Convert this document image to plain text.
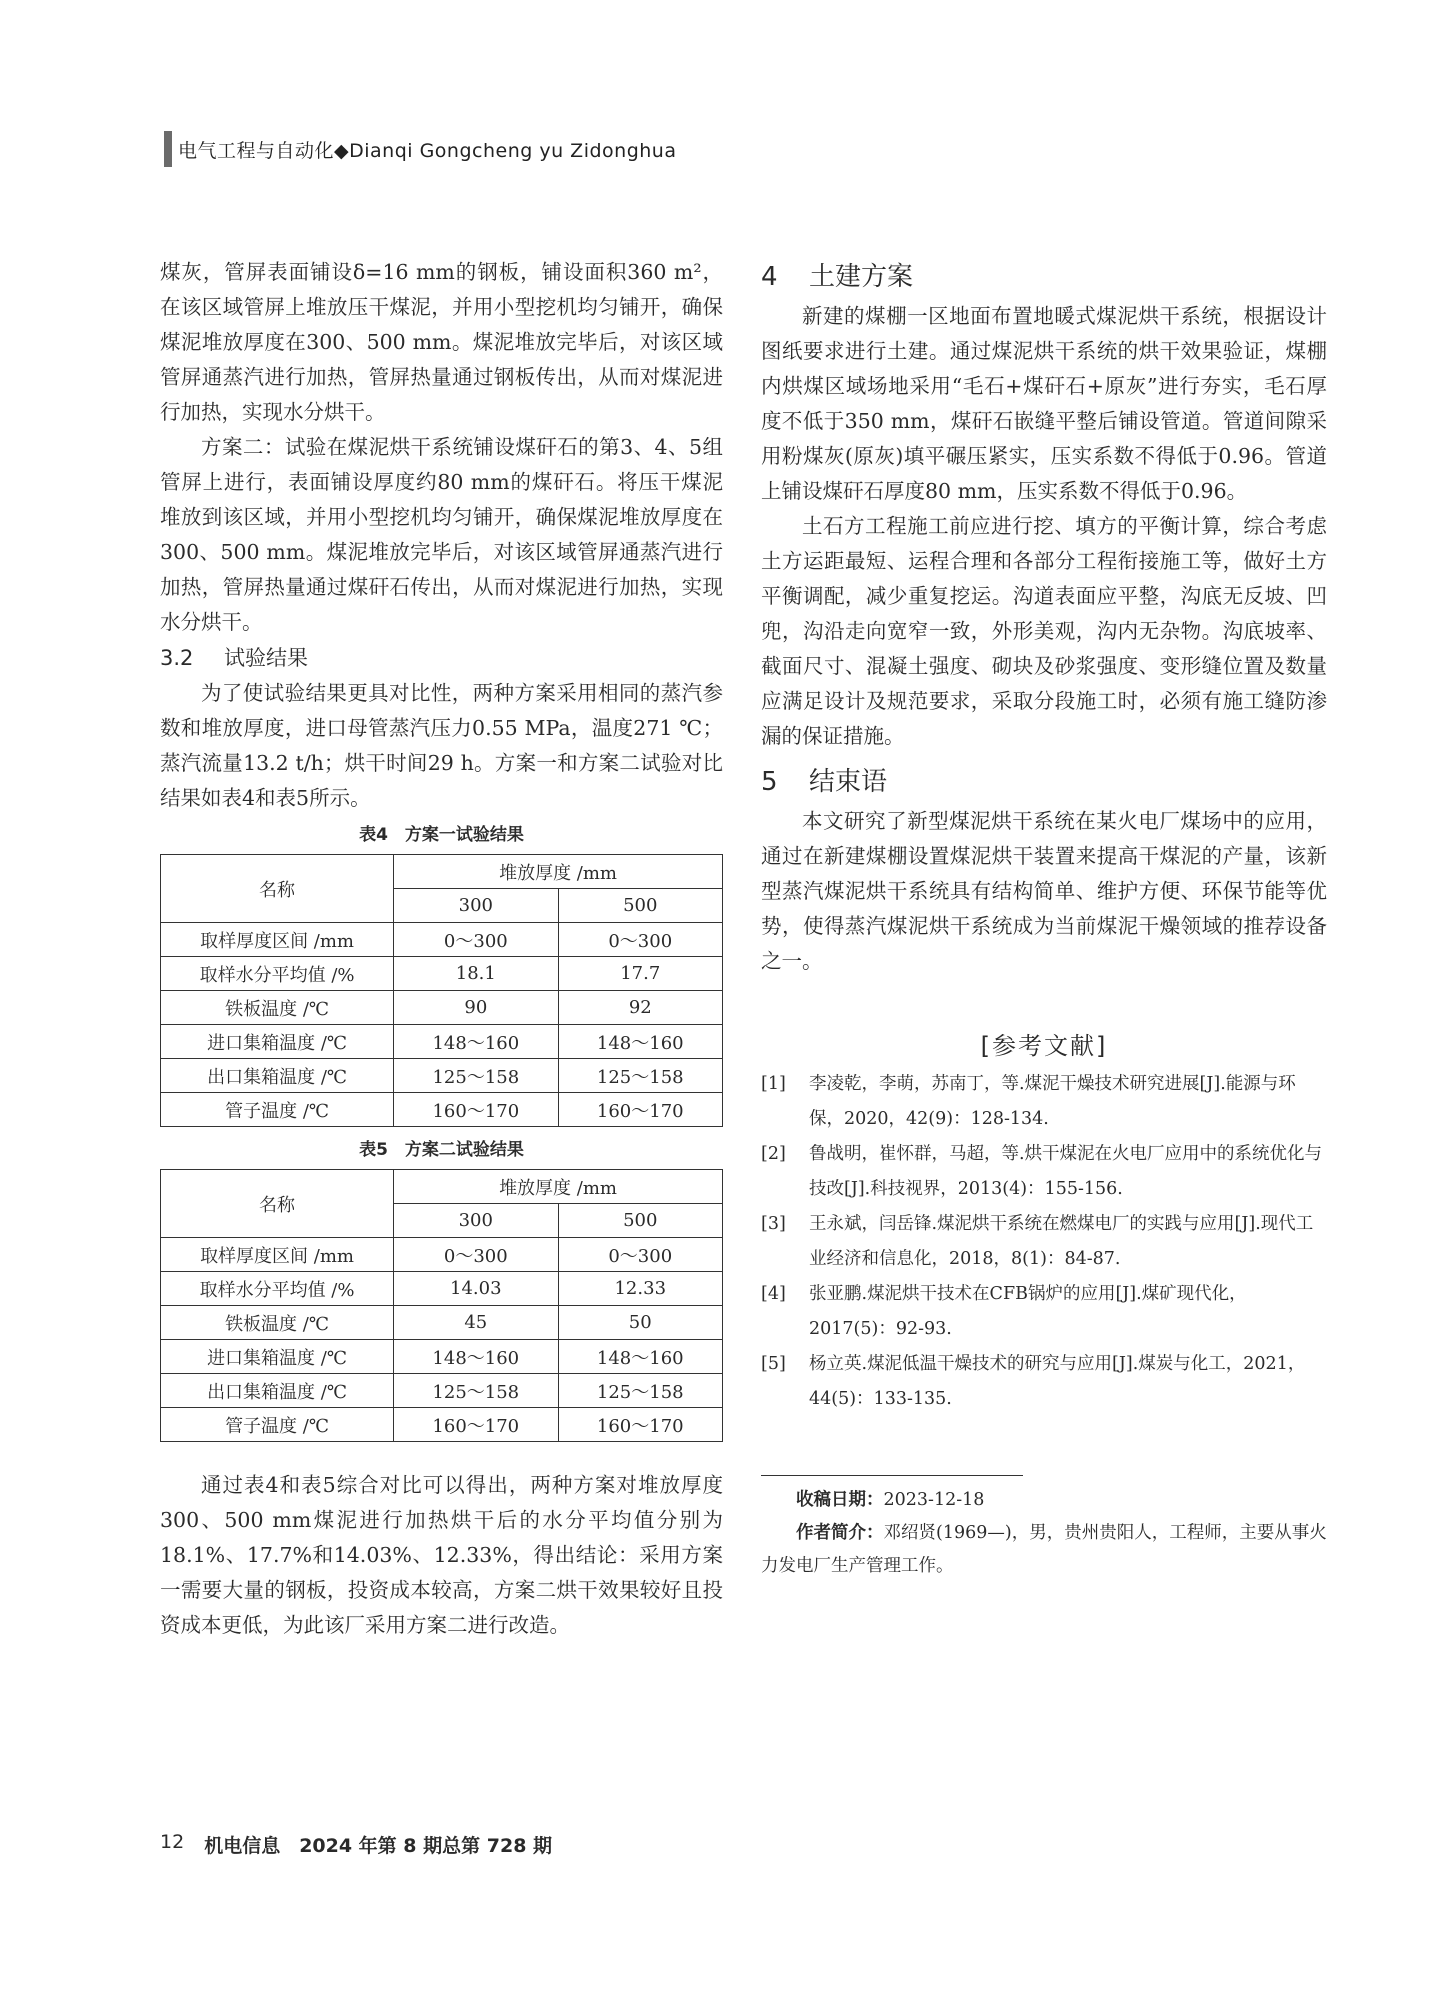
电气工程与自动化◆Dianqi Gongcheng yu Zidonghua

煤灰，管屏表面铺设δ=16 mm的钢板，铺设面积360 m²，在该区域管屏上堆放压干煤泥，并用小型挖机均匀铺开，确保煤泥堆放厚度在300、500 mm。煤泥堆放完毕后，对该区域管屏通蒸汽进行加热，管屏热量通过钢板传出，从而对煤泥进行加热，实现水分烘干。

方案二：试验在煤泥烘干系统铺设煤矸石的第3、4、5组管屏上进行，表面铺设厚度约80 mm的煤矸石。将压干煤泥堆放到该区域，并用小型挖机均匀铺开，确保煤泥堆放厚度在300、500 mm。煤泥堆放完毕后，对该区域管屏通蒸汽进行加热，管屏热量通过煤矸石传出，从而对煤泥进行加热，实现水分烘干。

3.2	试验结果

为了使试验结果更具对比性，两种方案采用相同的蒸汽参数和堆放厚度，进口母管蒸汽压力0.55 MPa，温度271 ℃；蒸汽流量13.2 t/h；烘干时间29 h。方案一和方案二试验对比结果如表4和表5所示。

表4　方案一试验结果

名称	堆放厚度 /mm	
	300	500
取样厚度区间 /mm	0～300	0～300
取样水分平均值 /%	18.1	17.7
铁板温度 /℃	90	92
进口集箱温度 /℃	148～160	148～160
出口集箱温度 /℃	125～158	125～158
管子温度 /℃	160～170	160～170

表5　方案二试验结果

名称	堆放厚度 /mm	
	300	500
取样厚度区间 /mm	0～300	0～300
取样水分平均值 /%	14.03	12.33
铁板温度 /℃	45	50
进口集箱温度 /℃	148～160	148～160
出口集箱温度 /℃	125～158	125～158
管子温度 /℃	160～170	160～170

通过表4和表5综合对比可以得出，两种方案对堆放厚度300、500 mm煤泥进行加热烘干后的水分平均值分别为18.1%、17.7%和14.03%、12.33%，得出结论：采用方案一需要大量的钢板，投资成本较高，方案二烘干效果较好且投资成本更低，为此该厂采用方案二进行改造。

4	土建方案

新建的煤棚一区地面布置地暖式煤泥烘干系统，根据设计图纸要求进行土建。通过煤泥烘干系统的烘干效果验证，煤棚内烘煤区域场地采用“毛石+煤矸石+原灰”进行夯实，毛石厚度不低于350 mm，煤矸石嵌缝平整后铺设管道。管道间隙采用粉煤灰(原灰)填平碾压紧实，压实系数不得低于0.96。管道上铺设煤矸石厚度80 mm，压实系数不得低于0.96。

土石方工程施工前应进行挖、填方的平衡计算，综合考虑土方运距最短、运程合理和各部分工程衔接施工等，做好土方平衡调配，减少重复挖运。沟道表面应平整，沟底无反坡、凹兜，沟沿走向宽窄一致，外形美观，沟内无杂物。沟底坡率、截面尺寸、混凝土强度、砌块及砂浆强度、变形缝位置及数量应满足设计及规范要求，采取分段施工时，必须有施工缝防渗漏的保证措施。

5	结束语

本文研究了新型煤泥烘干系统在某火电厂煤场中的应用，通过在新建煤棚设置煤泥烘干装置来提高干煤泥的产量，该新型蒸汽煤泥烘干系统具有结构简单、维护方便、环保节能等优势，使得蒸汽煤泥烘干系统成为当前煤泥干燥领域的推荐设备之一。

[参考文献]

[1]	李凌乾，李萌，苏南丁，等.煤泥干燥技术研究进展[J].能源与环保，2020，42(9)：128-134.
[2]	鲁战明，崔怀群，马超，等.烘干煤泥在火电厂应用中的系统优化与技改[J].科技视界，2013(4)：155-156.
[3]	王永斌，闫岳锋.煤泥烘干系统在燃煤电厂的实践与应用[J].现代工业经济和信息化，2018，8(1)：84-87.
[4]	张亚鹏.煤泥烘干技术在CFB锅炉的应用[J].煤矿现代化，2017(5)：92-93.
[5]	杨立英.煤泥低温干燥技术的研究与应用[J].煤炭与化工，2021，44(5)：133-135.

收稿日期：2023-12-18

作者简介：邓绍贤(1969—)，男，贵州贵阳人，工程师，主要从事火力发电厂生产管理工作。

12 机电信息　2024 年第 8 期总第 728 期
